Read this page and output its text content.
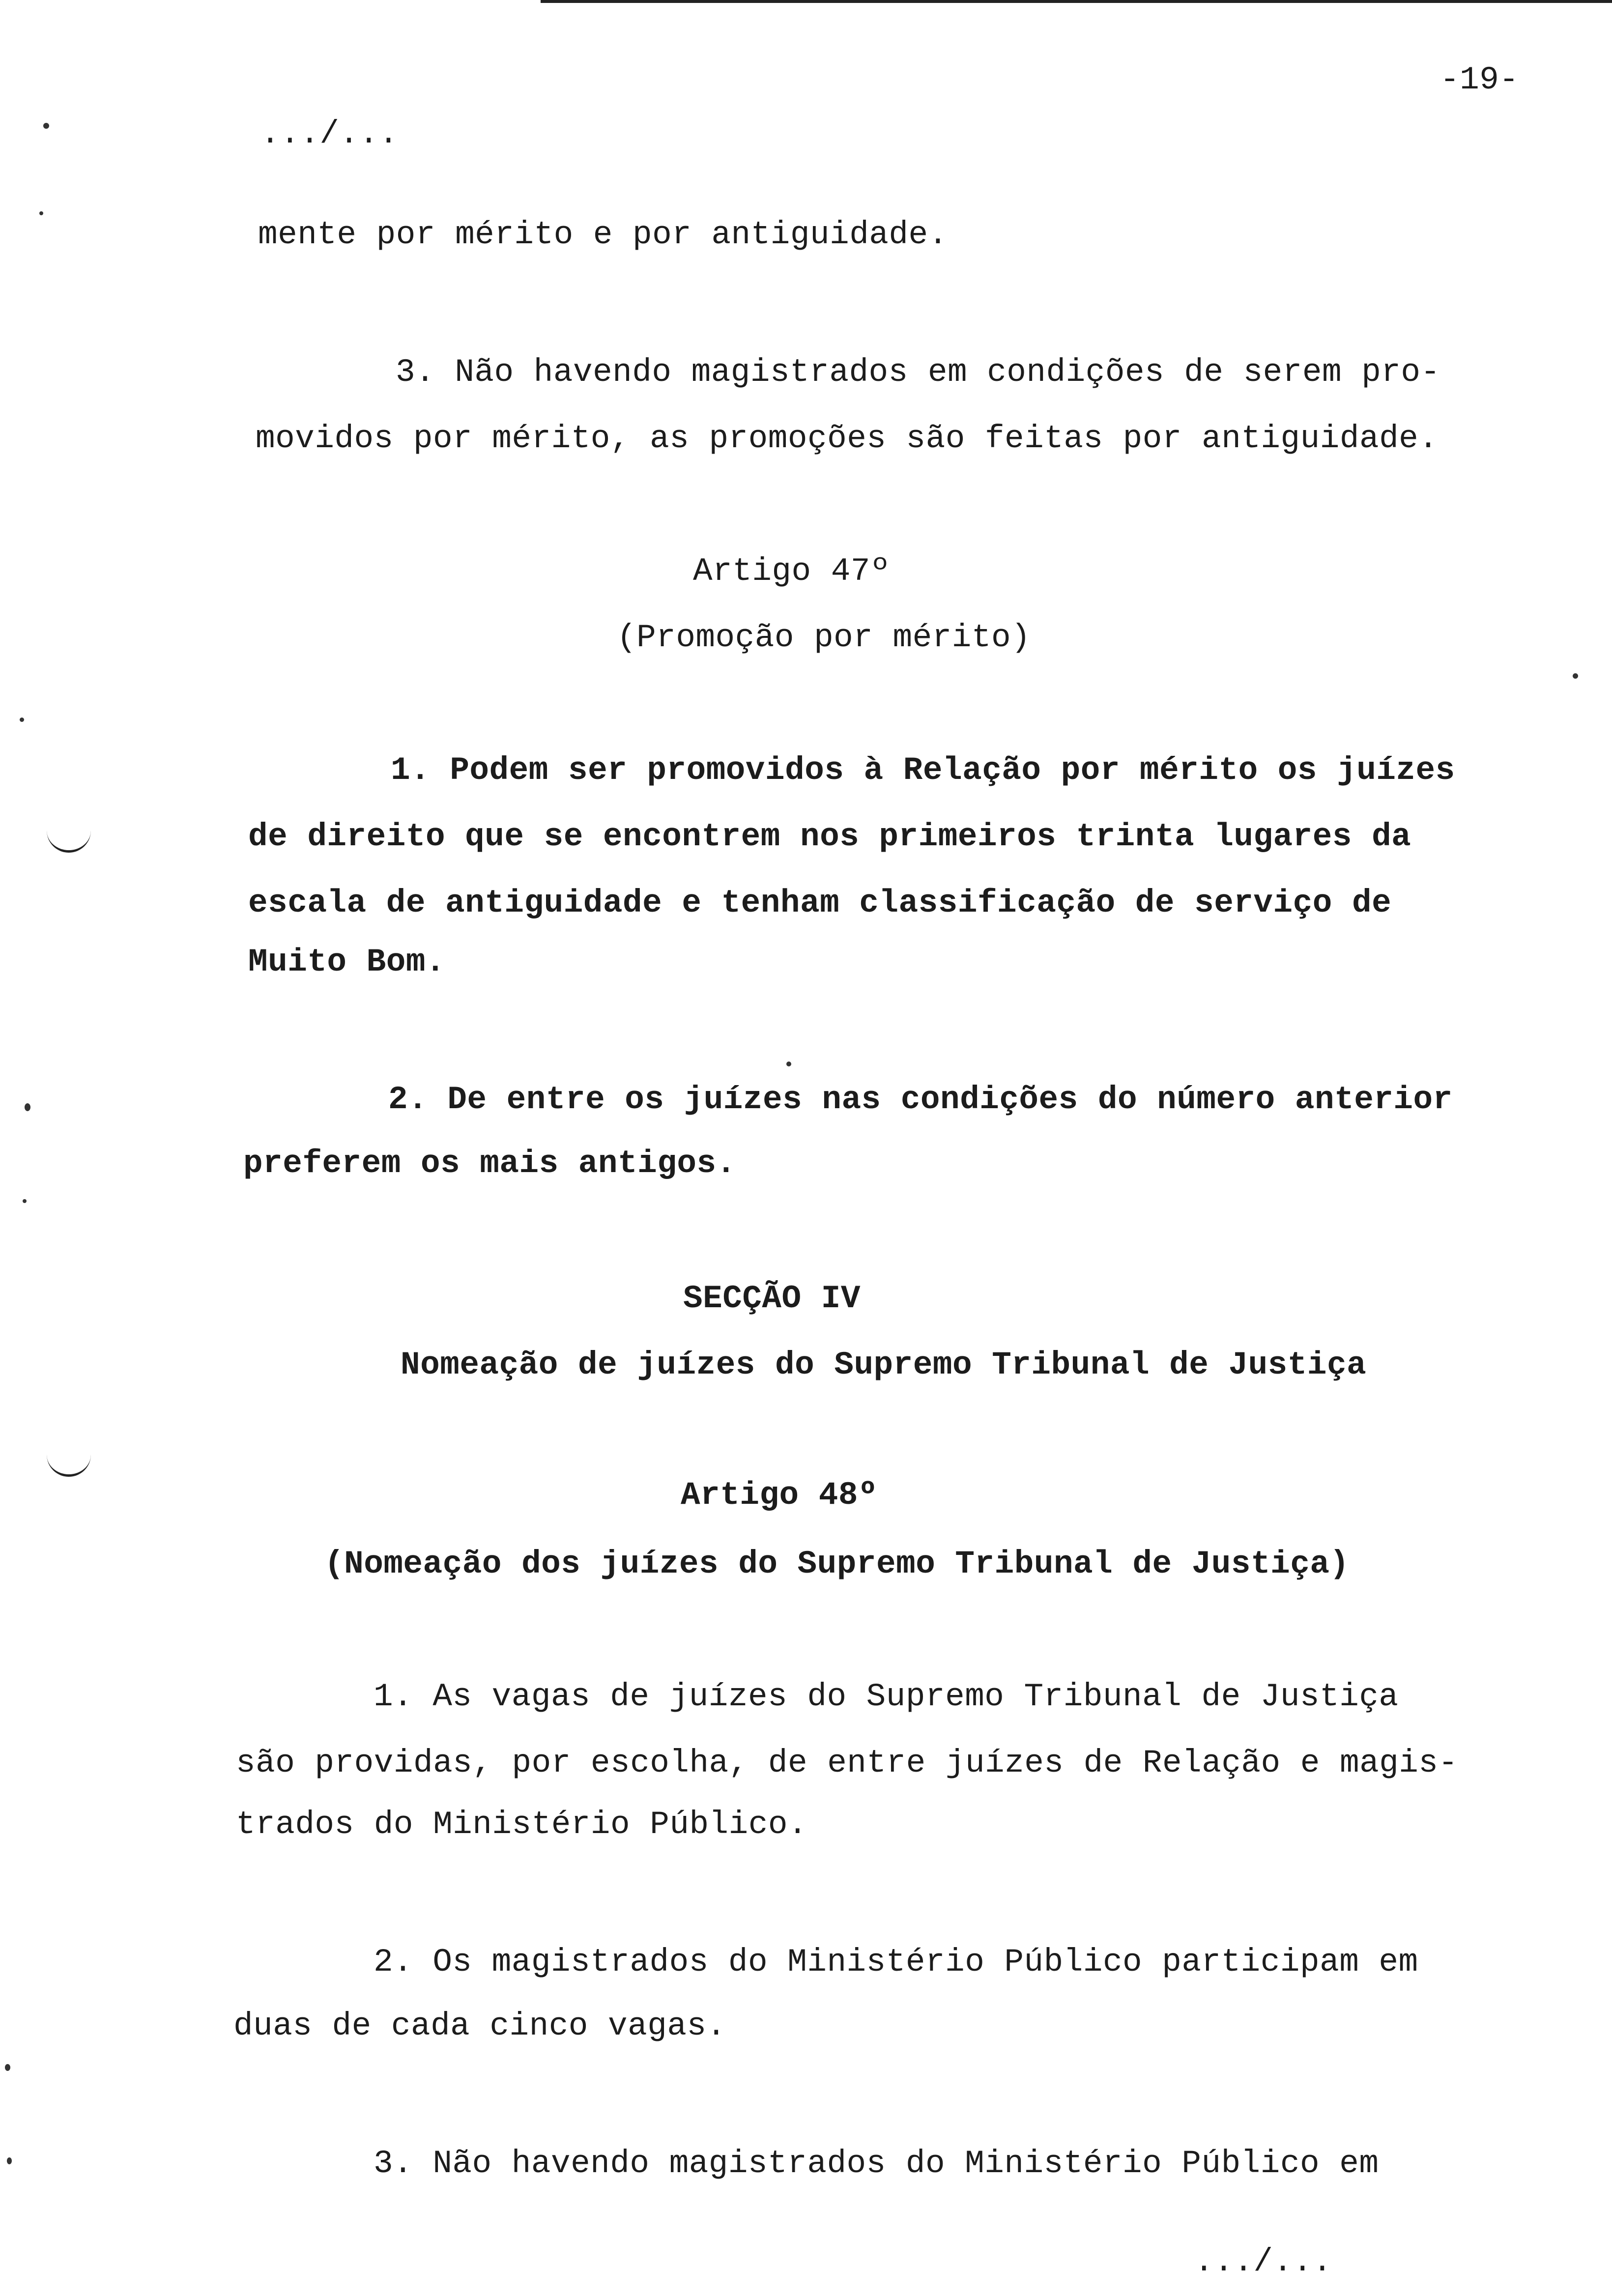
-19-
.../...
mente por mérito e por antiguidade.
3. Não havendo magistrados em condições de serem pro-
movidos por mérito, as promoções são feitas por antiguidade.
Artigo 47º
(Promoção por mérito)
1. Podem ser promovidos à Relação por mérito os juízes
de direito que se encontrem nos primeiros trinta lugares da
escala de antiguidade e tenham classificação de serviço de
Muito Bom.
2. De entre os juízes nas condições do número anterior
preferem os mais antigos.
SECÇÃO IV
Nomeação de juízes do Supremo Tribunal de Justiça
Artigo 48º
(Nomeação dos juízes do Supremo Tribunal de Justiça)
1. As vagas de juízes do Supremo Tribunal de Justiça
são providas, por escolha, de entre juízes de Relação e magis-
trados do Ministério Público.
2. Os magistrados do Ministério Público participam em
duas de cada cinco vagas.
3. Não havendo magistrados do Ministério Público em
.../...
